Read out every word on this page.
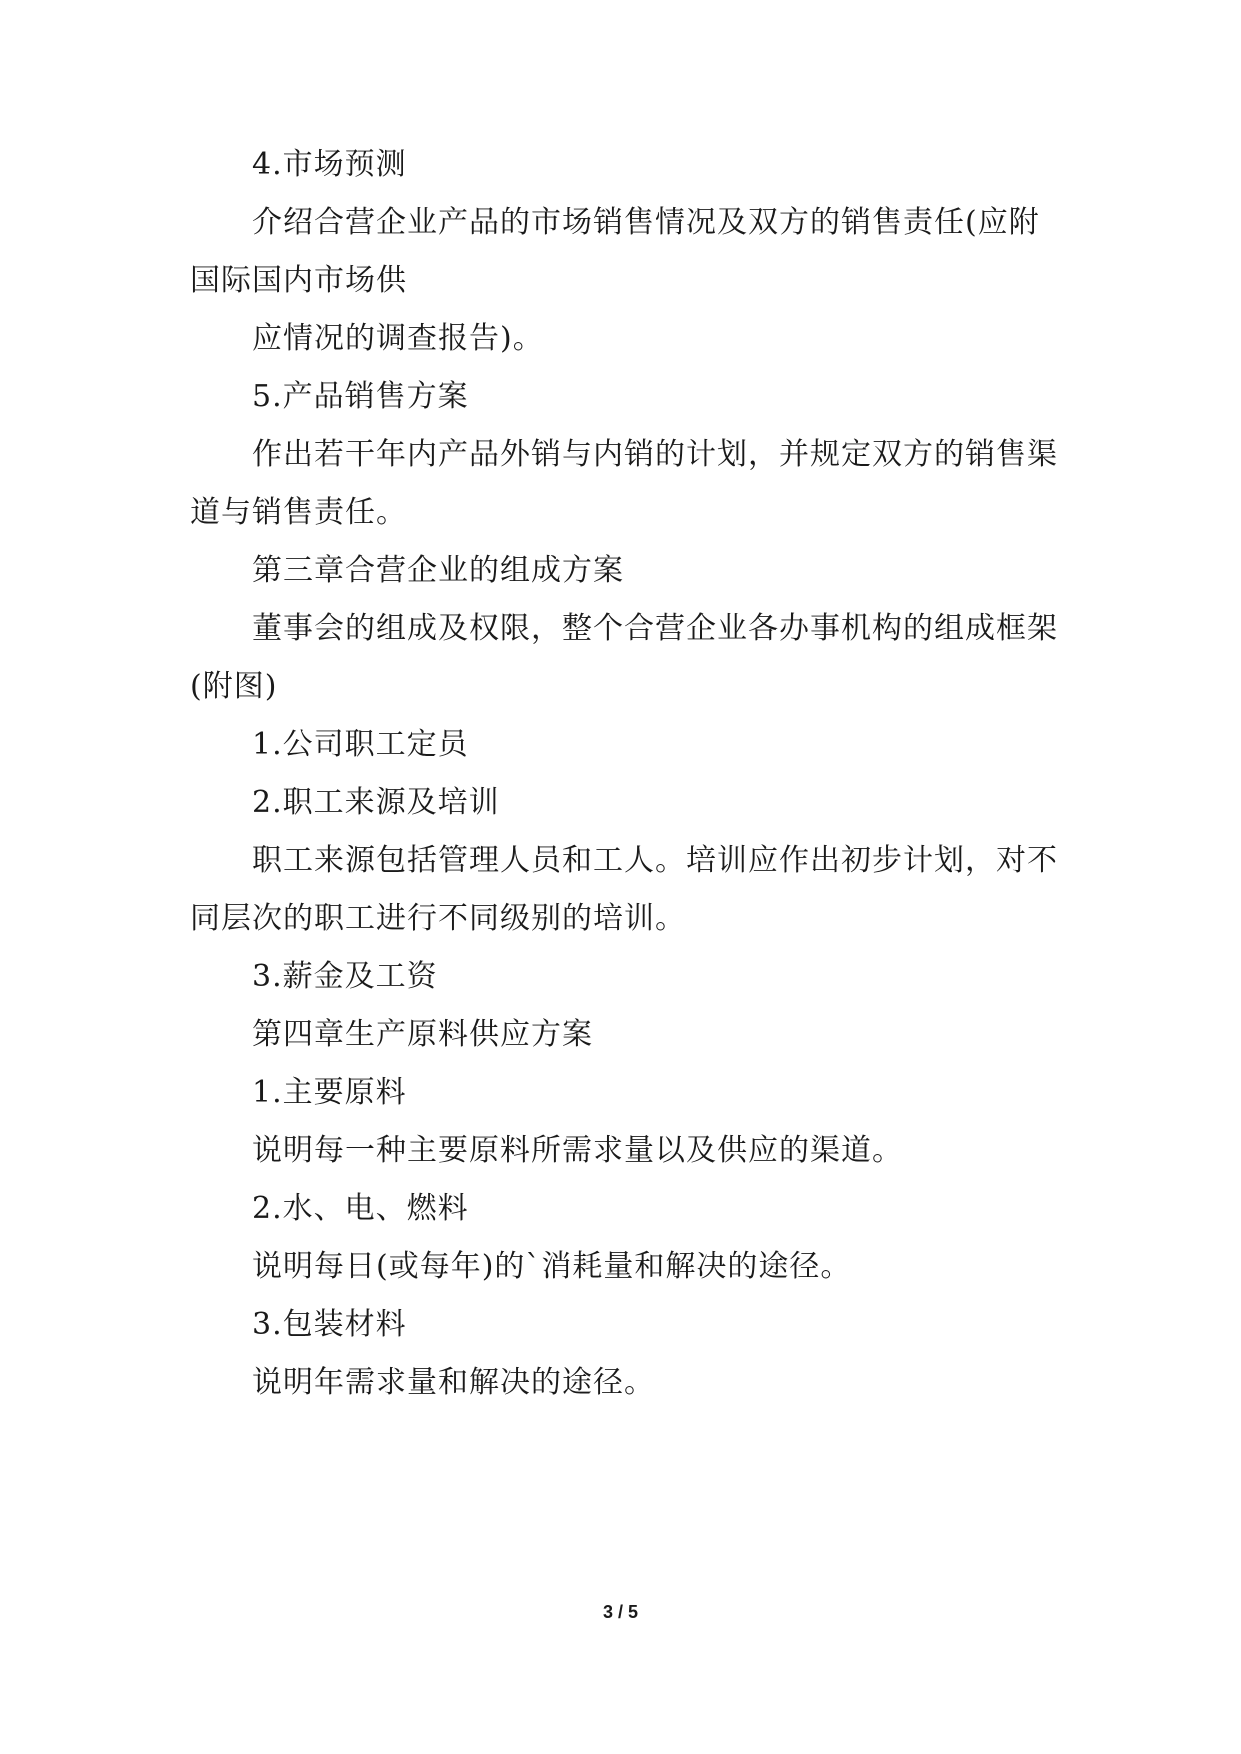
4.市场预测
介绍合营企业产品的市场销售情况及双方的销售责任(应附
国际国内市场供
应情况的调查报告)。
5.产品销售方案
作出若干年内产品外销与内销的计划，并规定双方的销售渠
道与销售责任。
第三章合营企业的组成方案
董事会的组成及权限，整个合营企业各办事机构的组成框架
(附图)
1.公司职工定员
2.职工来源及培训
职工来源包括管理人员和工人。培训应作出初步计划，对不
同层次的职工进行不同级别的培训。
3.薪金及工资
第四章生产原料供应方案
1.主要原料
说明每一种主要原料所需求量以及供应的渠道。
2.水、电、燃料
说明每日(或每年)的`消耗量和解决的途径。
3.包装材料
说明年需求量和解决的途径。
3 / 5
